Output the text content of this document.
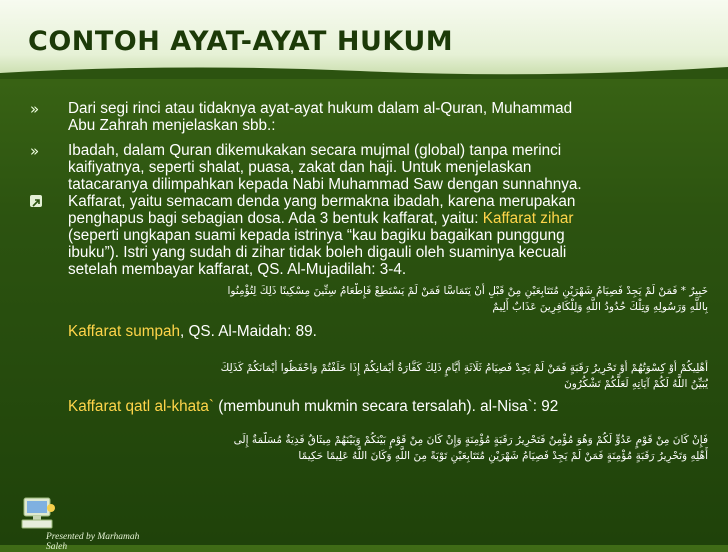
CONTOH AYAT-AYAT HUKUM
» Dari segi rinci atau tidaknya ayat-ayat hukum dalam al-Quran, Muhammad
Abu Zahrah menjelaskan sbb.:
» Ibadah, dalam Quran dikemukakan secara mujmal (global) tanpa merinci
kaifiyatnya, seperti shalat, puasa, zakat dan haji. Untuk menjelaskan
tatacaranya dilimpahkan kepada Nabi Muhammad Saw dengan sunnahnya.
Kaffarat, yaitu semacam denda yang bermakna ibadah, karena merupakan
penghapus bagi sebagian dosa. Ada 3 bentuk kaffarat, yaitu: Kaffarat zihar
(seperti ungkapan suami kepada istrinya “kau bagiku bagaikan punggung
ibuku”). Istri yang sudah di zihar tidak boleh digauli oleh suaminya kecuali
setelah membayar kaffarat, QS. Al-Mujadilah: 3-4.
خَبِيرٌ * فَمَنْ لَمْ يَجِدْ فَصِيَامُ شَهْرَيْنِ مُتَتَابِعَيْنِ مِنْ قَبْلِ أَنْ يَتَمَاسَّا فَمَنْ لَمْ يَسْتَطِعْ فَإِطْعَامُ سِتِّينَ مِسْكِينًا ذَلِكَ لِتُؤْمِنُوا
بِاللَّهِ وَرَسُولِهِ وَتِلْكَ حُدُودُ اللَّهِ وَلِلْكَافِرِينَ عَذَابٌ أَلِيمٌ
Kaffarat sumpah, QS. Al-Maidah: 89.
أَهْلِيكُمْ أَوْ كِسْوَتُهُمْ أَوْ تَحْرِيرُ رَقَبَةٍ فَمَنْ لَمْ يَجِدْ فَصِيَامُ ثَلَاثَةِ أَيَّامٍ ذَلِكَ كَفَّارَةُ أَيْمَانِكُمْ إِذَا حَلَفْتُمْ وَاحْفَظُوا أَيْمَانَكُمْ كَذَلِكَ
يُبَيِّنُ اللَّهُ لَكُمْ آيَاتِهِ لَعَلَّكُمْ تَشْكُرُونَ
Kaffarat qatl al-khata` (membunuh mukmin secara tersalah). al-Nisa`: 92
فَإِنْ كَانَ مِنْ قَوْمٍ عَدُوٍّ لَكُمْ وَهُوَ مُؤْمِنٌ فَتَحْرِيرُ رَقَبَةٍ مُؤْمِنَةٍ وَإِنْ كَانَ مِنْ قَوْمٍ بَيْنَكُمْ وَبَيْنَهُمْ مِيثَاقٌ فَدِيَةٌ مُسَلَّمَةٌ إِلَى
أَهْلِهِ وَتَحْرِيرُ رَقَبَةٍ مُؤْمِنَةٍ فَمَنْ لَمْ يَجِدْ فَصِيَامُ شَهْرَيْنِ مُتَتَابِعَيْنِ تَوْبَةً مِنَ اللَّهِ وَكَانَ اللَّهُ عَلِيمًا حَكِيمًا
Presented by Marhamah Saleh
